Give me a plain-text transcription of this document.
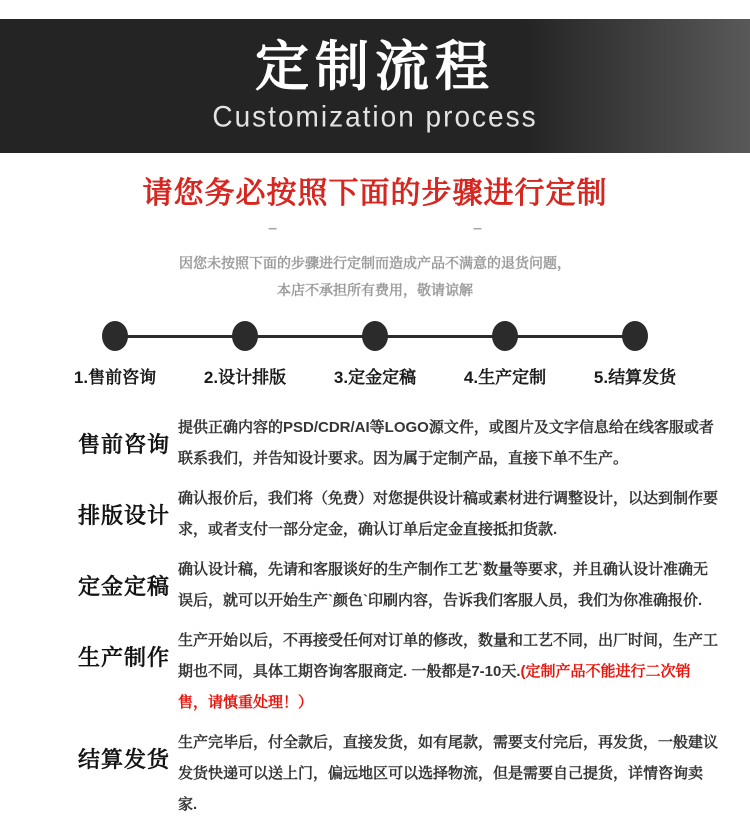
定制流程
Customization process
请您务必按照下面的步骤进行定制
–	–
因您未按照下面的步骤进行定制而造成产品不满意的退货问题，
本店不承担所有费用，敬请谅解
1.售前咨询	2.设计排版	3.定金定稿	4.生产定制	5.结算发货
售前咨询

提供正确内容的PSD/CDR/AI等LOGO源文件，或图片及文字信息给在线客服或者联系我们，并告知设计要求。因为属于定制产品，直接下单不生产。

排版设计

确认报价后，我们将（免费）对您提供设计稿或素材进行调整设计，以达到制作要求，或者支付一部分定金，确认订单后定金直接抵扣货款.

定金定稿

确认设计稿，先请和客服谈好的生产制作工艺`数量等要求，并且确认设计准确无误后，就可以开始生产`颜色`印刷内容，告诉我们客服人员，我们为你准确报价.

生产制作

生产开始以后，不再接受任何对订单的修改，数量和工艺不同，出厂时间，生产工期也不同，具体工期咨询客服商定. 一般都是7-10天.(定制产品不能进行二次销售，请慎重处理！）

结算发货

生产完毕后，付全款后，直接发货，如有尾款，需要支付完后，再发货，一般建议发货快递可以送上门，偏远地区可以选择物流，但是需要自己提货，详情咨询卖家.
